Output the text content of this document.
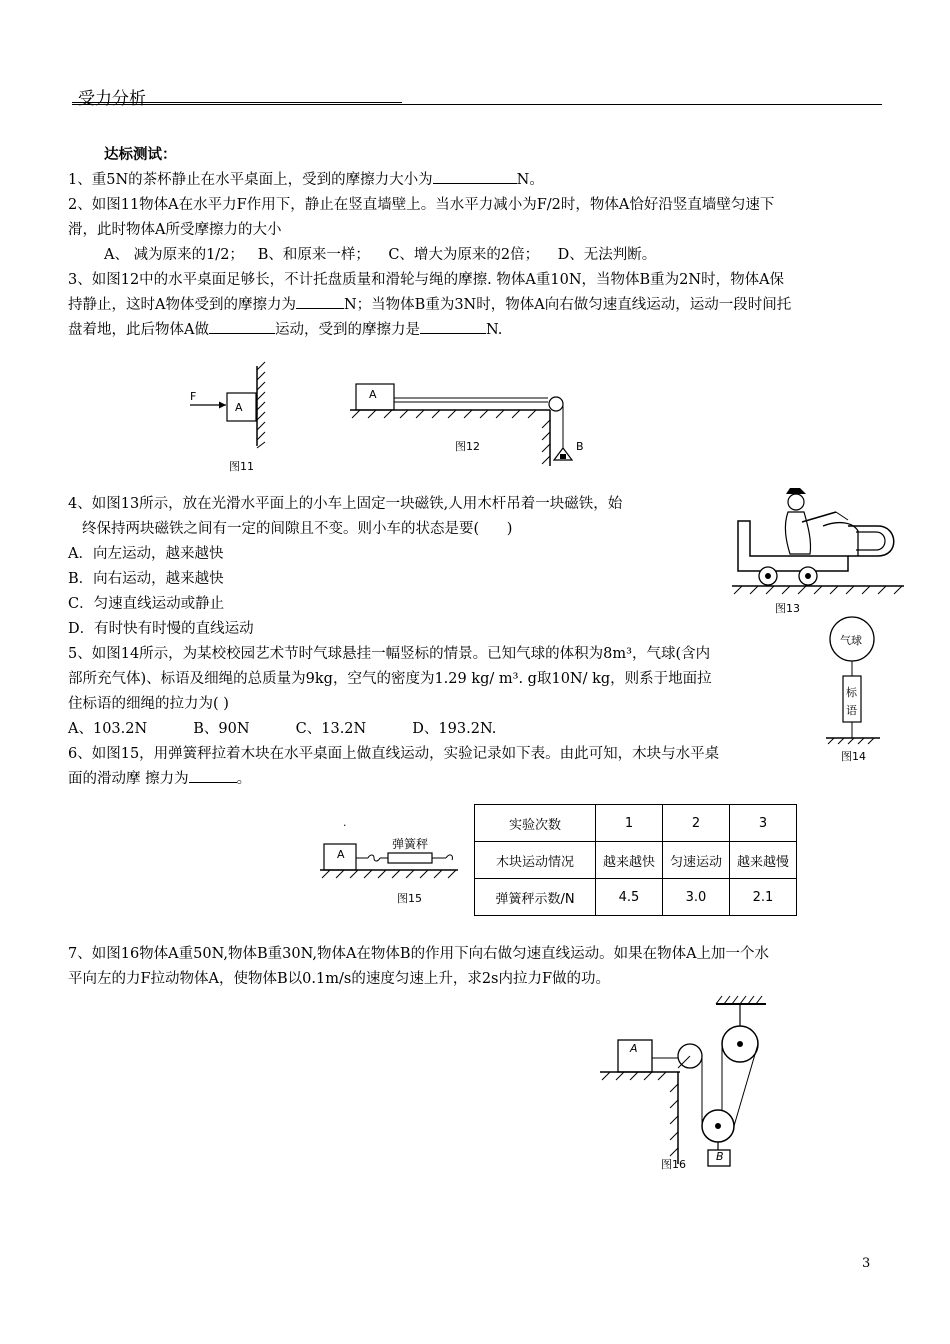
受力分析
达标测试：
1、重5N的茶杯静止在水平桌面上，受到的摩擦力大小为	N。
2、如图11物体A在水平力F作用下，静止在竖直墙壁上。当水平力减小为F/2时，物体A恰好沿竖直墙壁匀速下
滑，此时物体A所受摩擦力的大小
A、 减为原来的1/2；   B、和原来一样；    C、增大为原来的2倍；    D、无法判断。
3、如图12中的水平桌面足够长，不计托盘质量和滑轮与绳的摩擦. 物体A重10N，当物体B重为2N时，物体A保
持静止，这时A物体受到的摩擦力为	N；当物体B重为3N时，物体A向右做匀速直线运动，运动一段时间托
盘着地，此后物体A做	运动，受到的摩擦力是	N.
F
A
图11
A
B
图12
4、如图13所示，放在光滑水平面上的小车上固定一块磁铁,人用木杆吊着一块磁铁，始
终保持两块磁铁之间有一定的间隙且不变。则小车的状态是要(      )
A．向左运动，越来越快
B．向右运动，越来越快
C．匀速直线运动或静止
D．有时快有时慢的直线运动
图13
5、如图14所示，为某校校园艺术节时气球悬挂一幅竖标的情景。已知气球的体积为8m³，气球(含内
部所充气体)、标语及细绳的总质量为9kg，空气的密度为1.29 kg/ m³. g取10N/ kg，则系于地面拉
住标语的细绳的拉力为( )
A、103.2N          B、90N          C、13.2N          D、193.2N.
气球
标
语
图14
6、如图15，用弹簧秤拉着木块在水平桌面上做直线运动，实验记录如下表。由此可知，木块与水平桌
面的滑动摩 擦力为	。
.
A
弹簧秤
图15
实验次数	1	2	3
木块运动情况	越来越快	匀速运动	越来越慢
弹簧秤示数/N	4.5	3.0	2.1
7、如图16物体A重50N,物体B重30N,物体A在物体B的作用下向右做匀速直线运动。如果在物体A上加一个水
平向左的力F拉动物体A，使物体B以0.1m/s的速度匀速上升，求2s内拉力F做的功。
A
B
图16
3
